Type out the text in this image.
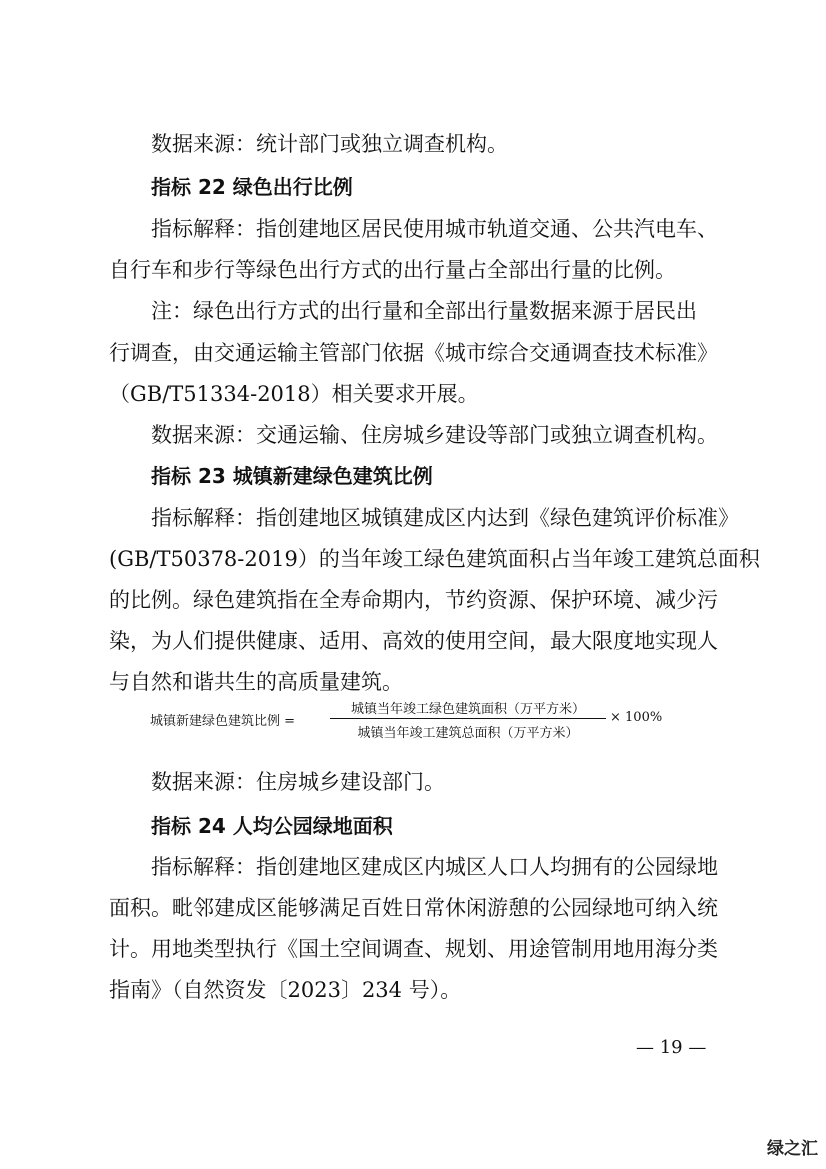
数据来源：统计部门或独立调查机构。
指标 22 绿色出行比例
指标解释：指创建地区居民使用城市轨道交通、公共汽电车、
自行车和步行等绿色出行方式的出行量占全部出行量的比例。
注：绿色出行方式的出行量和全部出行量数据来源于居民出
行调查，由交通运输主管部门依据《城市综合交通调查技术标准》
（GB/T51334-2018）相关要求开展。
数据来源：交通运输、住房城乡建设等部门或独立调查机构。
指标 23 城镇新建绿色建筑比例
指标解释：指创建地区城镇建成区内达到《绿色建筑评价标准》
(GB/T50378-2019）的当年竣工绿色建筑面积占当年竣工建筑总面积
的比例。绿色建筑指在全寿命期内，节约资源、保护环境、减少污
染，为人们提供健康、适用、高效的使用空间，最大限度地实现人
与自然和谐共生的高质量建筑。
城镇新建绿色建筑比例 =
城镇当年竣工绿色建筑面积（万平方米）
城镇当年竣工建筑总面积（万平方米）
× 100%
数据来源：住房城乡建设部门。
指标 24 人均公园绿地面积
指标解释：指创建地区建成区内城区人口人均拥有的公园绿地
面积。毗邻建成区能够满足百姓日常休闲游憩的公园绿地可纳入统
计。用地类型执行《国土空间调查、规划、用途管制用地用海分类
指南》（自然资发〔2023〕234 号）。
— 19 —
绿之汇
